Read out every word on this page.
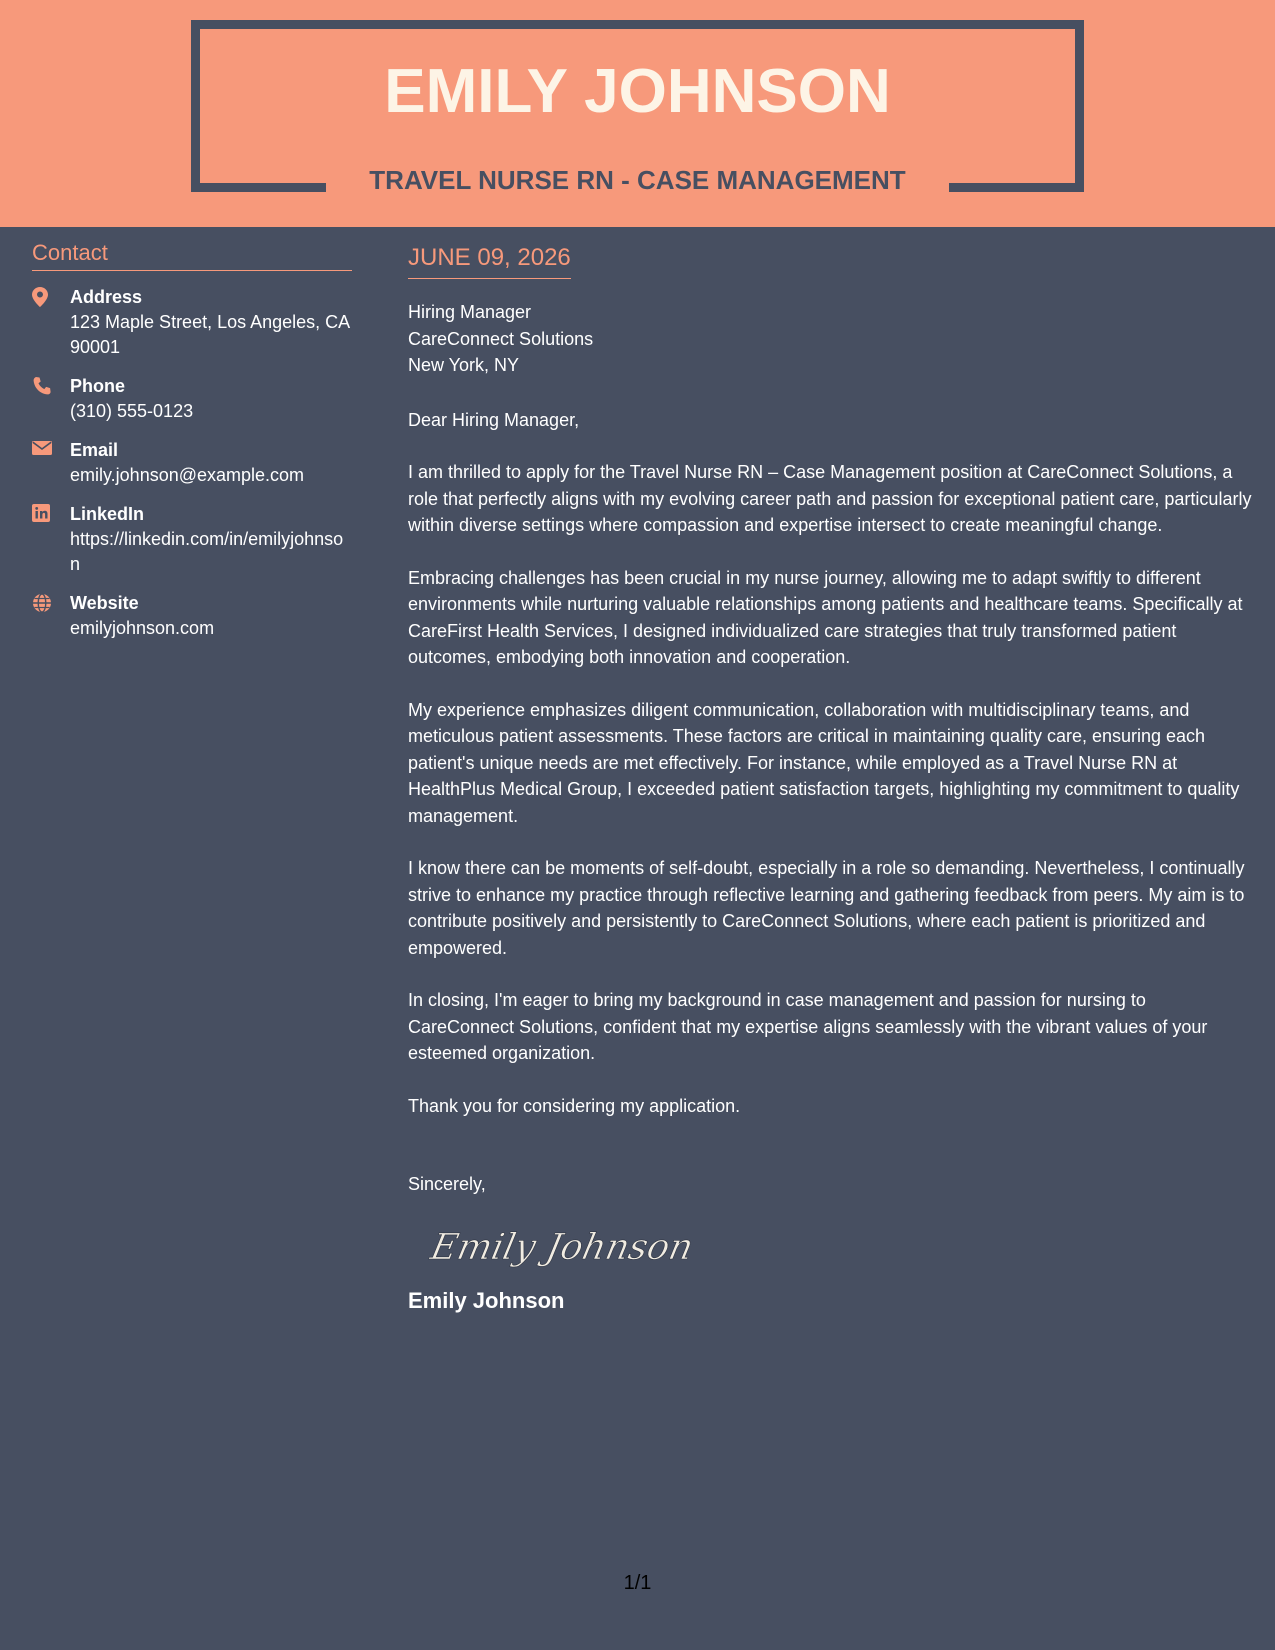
EMILY JOHNSON
TRAVEL NURSE RN - CASE MANAGEMENT
Contact
Address
123 Maple Street, Los Angeles, CA 90001
Phone
(310) 555-0123
Email
emily.johnson@example.com
LinkedIn
https://linkedin.com/in/emilyjohnson
Website
emilyjohnson.com
JUNE 09, 2026
Hiring Manager
CareConnect Solutions
New York, NY
Dear Hiring Manager,
I am thrilled to apply for the Travel Nurse RN – Case Management position at CareConnect Solutions, a role that perfectly aligns with my evolving career path and passion for exceptional patient care, particularly within diverse settings where compassion and expertise intersect to create meaningful change.
Embracing challenges has been crucial in my nurse journey, allowing me to adapt swiftly to different environments while nurturing valuable relationships among patients and healthcare teams. Specifically at CareFirst Health Services, I designed individualized care strategies that truly transformed patient outcomes, embodying both innovation and cooperation.
My experience emphasizes diligent communication, collaboration with multidisciplinary teams, and meticulous patient assessments. These factors are critical in maintaining quality care, ensuring each patient's unique needs are met effectively. For instance, while employed as a Travel Nurse RN at HealthPlus Medical Group, I exceeded patient satisfaction targets, highlighting my commitment to quality management.
I know there can be moments of self-doubt, especially in a role so demanding. Nevertheless, I continually strive to enhance my practice through reflective learning and gathering feedback from peers. My aim is to contribute positively and persistently to CareConnect Solutions, where each patient is prioritized and empowered.
In closing, I'm eager to bring my background in case management and passion for nursing to CareConnect Solutions, confident that my expertise aligns seamlessly with the vibrant values of your esteemed organization.
Thank you for considering my application.
Sincerely,
Emily Johnson
Emily Johnson
1/1
